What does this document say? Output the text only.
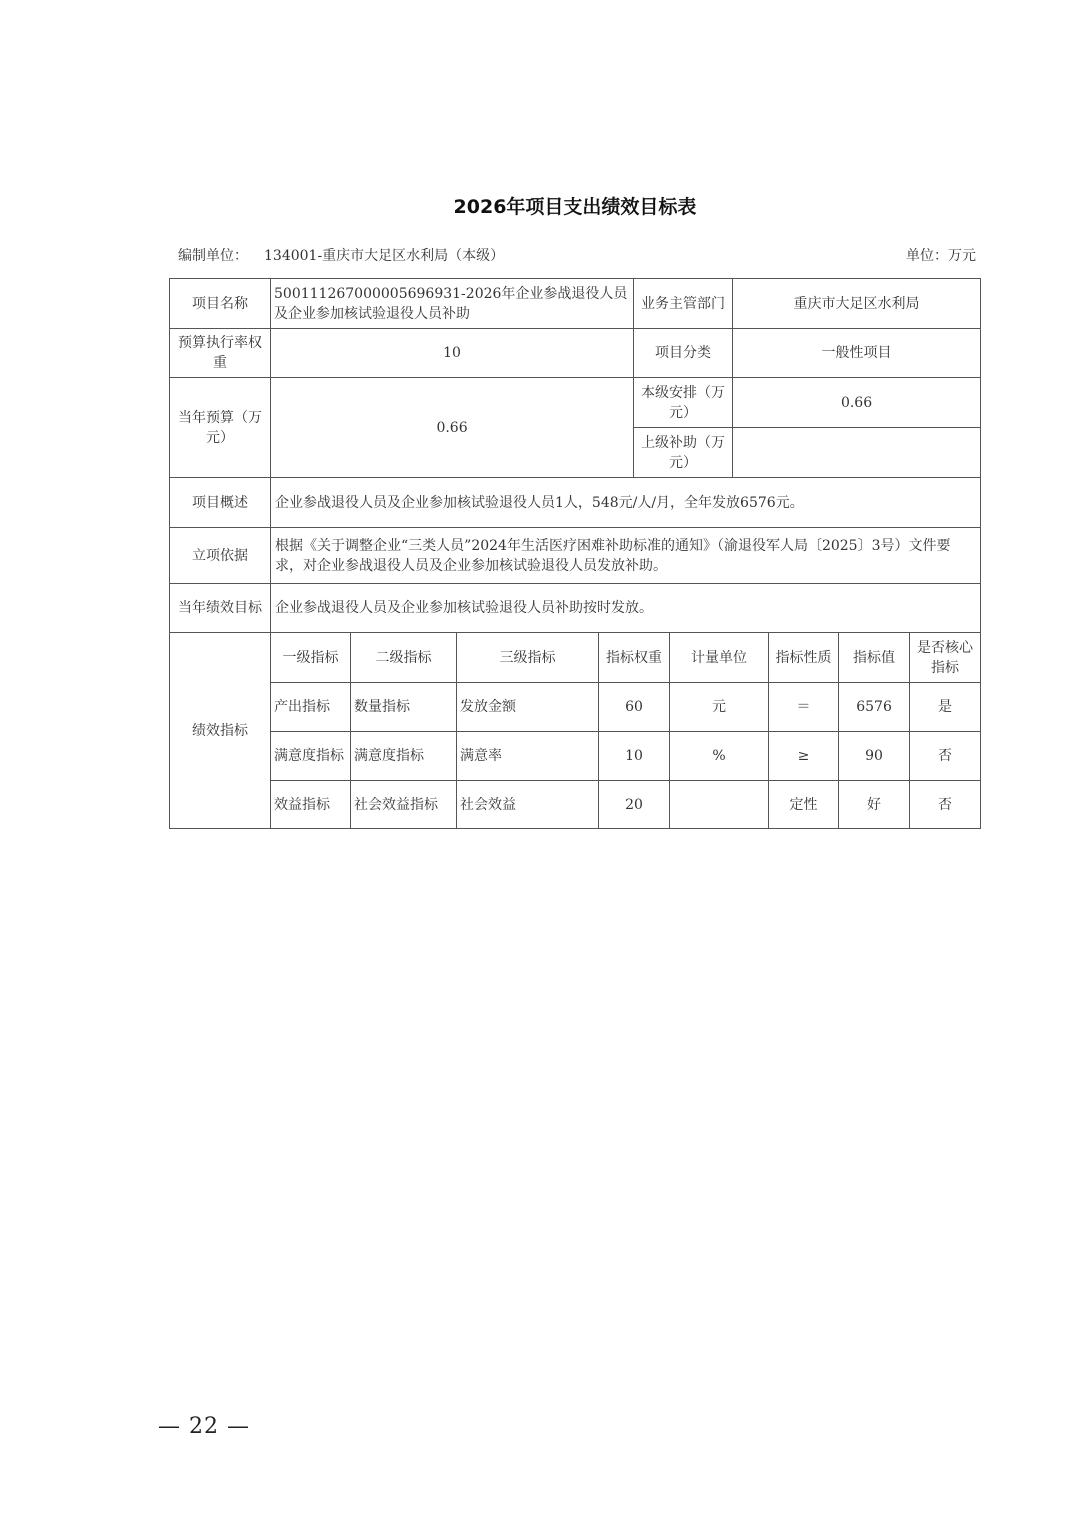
2026年项目支出绩效目标表
编制单位： 134001-重庆市大足区水利局（本级）	单位：万元
项目名称	500111267000005696931-2026年企业参战退役人员及企业参加核试验退役人员补助				业务主管部门		重庆市大足区水利局			
预算执行率权重	10				项目分类		一般性项目			
当年预算（万元）	0.66				本级安排（万元）		0.66			
					上级补助（万元）					
项目概述	企业参战退役人员及企业参加核试验退役人员1人，548元/人/月，全年发放6576元。									
立项依据	根据《关于调整企业“三类人员”2024年生活医疗困难补助标准的通知》（渝退役军人局〔2025〕3号）文件要求，对企业参战退役人员及企业参加核试验退役人员发放补助。									
当年绩效目标	企业参战退役人员及企业参加核试验退役人员补助按时发放。									
绩效指标	一级指标	二级指标	三级指标	指标权重		计量单位		指标性质	指标值	是否核心指标
	产出指标	数量指标	发放金额	60		元		＝	6576	是
	满意度指标	满意度指标	满意率	10		%		≥	90	否
	效益指标	社会效益指标	社会效益	20				定性	好	否
— 22 —
